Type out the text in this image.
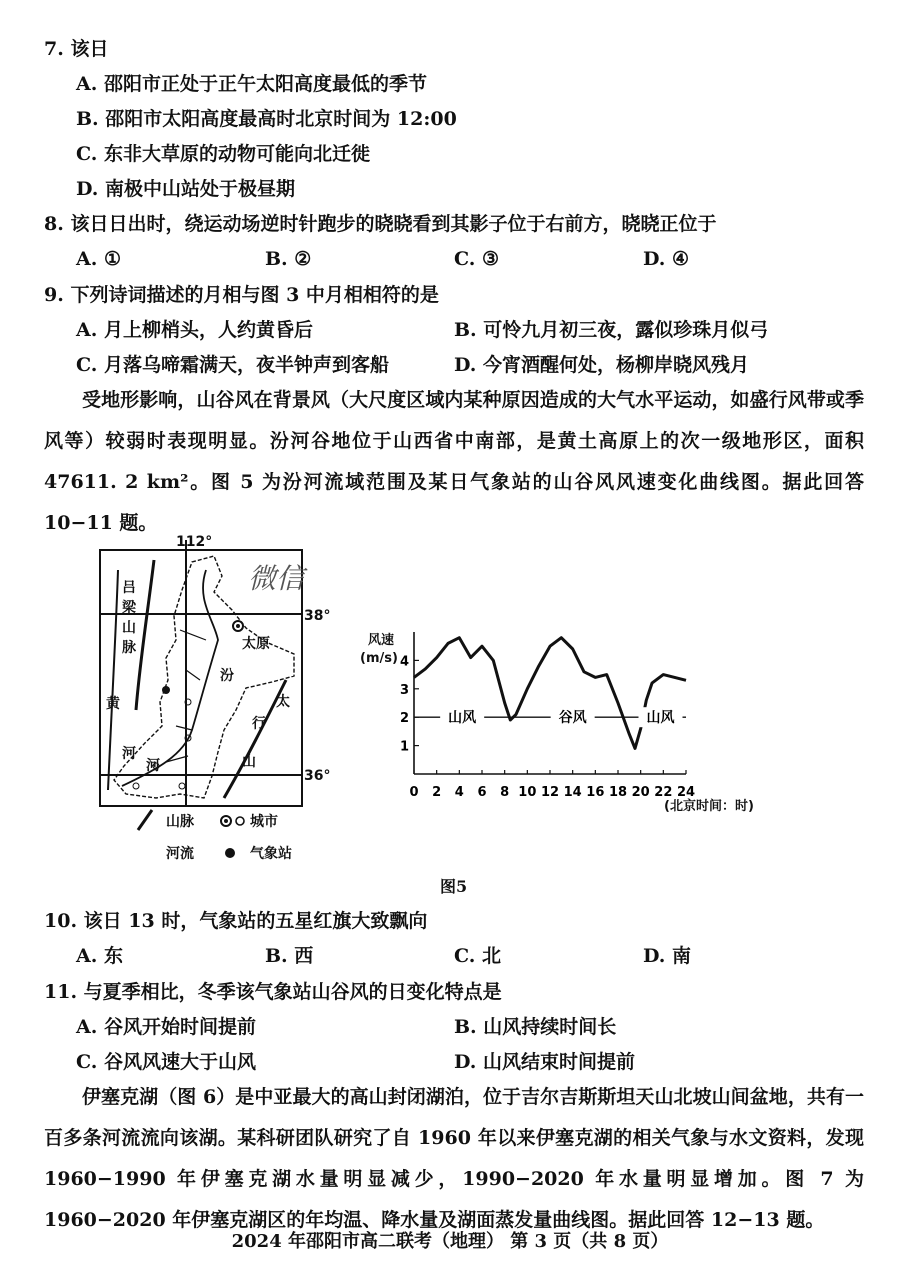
7. 该日
A. 邵阳市正处于正午太阳高度最低的季节
B. 邵阳市太阳高度最高时北京时间为 12:00
C. 东非大草原的动物可能向北迁徙
D. 南极中山站处于极昼期
8. 该日日出时，绕运动场逆时针跑步的晓晓看到其影子位于右前方，晓晓正位于
A. ①	B. ②	C. ③	D. ④
9. 下列诗词描述的月相与图 3 中月相相符的是
A. 月上柳梢头，人约黄昏后	B. 可怜九月初三夜，露似珍珠月似弓
C. 月落乌啼霜满天，夜半钟声到客船	D. 今宵酒醒何处，杨柳岸晓风残月
受地形影响，山谷风在背景风（大尺度区域内某种原因造成的大气水平运动，如盛行风带或季风等）较弱时表现明显。汾河谷地位于山西省中南部，是黄土高原上的次一级地形区，面积 47611. 2 km²。图 5 为汾河流域范围及某日气象站的山谷风风速变化曲线图。据此回答 10−11 题。
112°
38°
36°
吕
梁
山
脉
黄
河
太原
汾
河
太
行
山
山脉	城市
河流	气象站
微信
风速
(m/s)
(北京时间：时)
1
2
3
4
0 2 4 6 8 10 12 14 16 18 20 22 24
山风	谷风	山风
图5
10. 该日 13 时，气象站的五星红旗大致飘向
A. 东	B. 西	C. 北	D. 南
11. 与夏季相比，冬季该气象站山谷风的日变化特点是
A. 谷风开始时间提前	B. 山风持续时间长
C. 谷风风速大于山风	D. 山风结束时间提前
伊塞克湖（图 6）是中亚最大的高山封闭湖泊，位于吉尔吉斯斯坦天山北坡山间盆地，共有一百多条河流流向该湖。某科研团队研究了自 1960 年以来伊塞克湖的相关气象与水文资料，发现 1960−1990 年伊塞克湖水量明显减少，1990−2020 年水量明显增加。图 7 为 1960−2020 年伊塞克湖区的年均温、降水量及湖面蒸发量曲线图。据此回答 12−13 题。
2024 年邵阳市高二联考（地理） 第 3 页（共 8 页）
